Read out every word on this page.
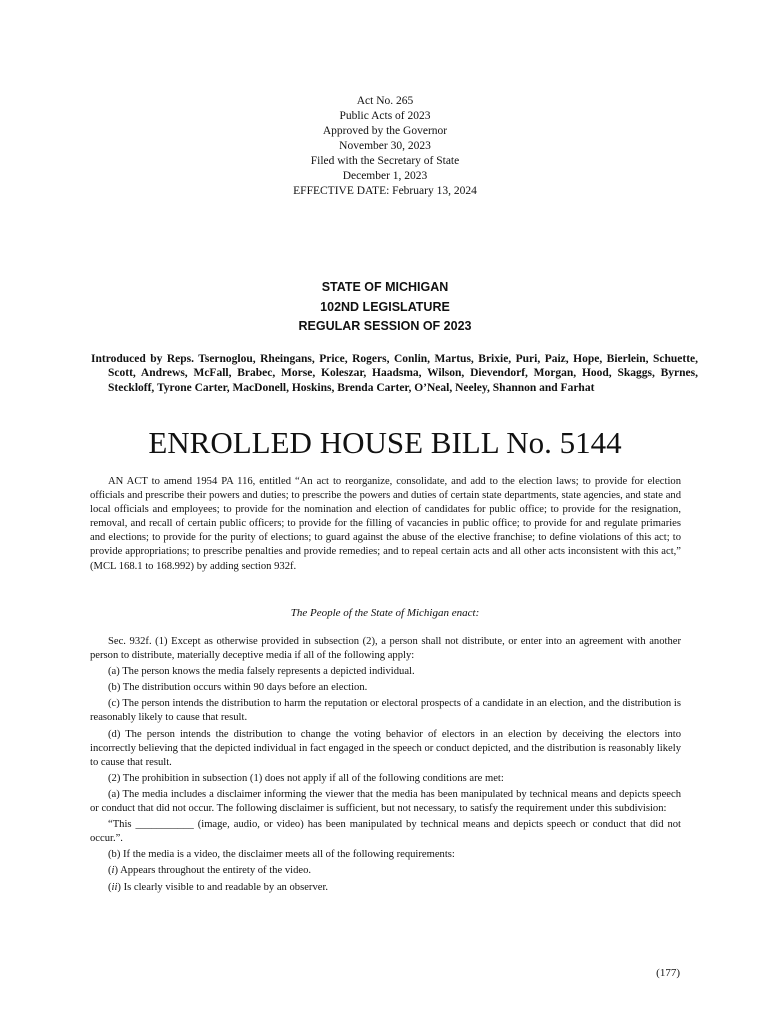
Act No. 265
Public Acts of 2023
Approved by the Governor
November 30, 2023
Filed with the Secretary of State
December 1, 2023
EFFECTIVE DATE: February 13, 2024
STATE OF MICHIGAN
102ND LEGISLATURE
REGULAR SESSION OF 2023
Introduced by Reps. Tsernoglou, Rheingans, Price, Rogers, Conlin, Martus, Brixie, Puri, Paiz, Hope, Bierlein, Schuette, Scott, Andrews, McFall, Brabec, Morse, Koleszar, Haadsma, Wilson, Dievendorf, Morgan, Hood, Skaggs, Byrnes, Steckloff, Tyrone Carter, MacDonell, Hoskins, Brenda Carter, O’Neal, Neeley, Shannon and Farhat
ENROLLED HOUSE BILL No. 5144
AN ACT to amend 1954 PA 116, entitled “An act to reorganize, consolidate, and add to the election laws; to provide for election officials and prescribe their powers and duties; to prescribe the powers and duties of certain state departments, state agencies, and state and local officials and employees; to provide for the nomination and election of candidates for public office; to provide for the resignation, removal, and recall of certain public officers; to provide for the filling of vacancies in public office; to provide for and regulate primaries and elections; to provide for the purity of elections; to guard against the abuse of the elective franchise; to define violations of this act; to provide appropriations; to prescribe penalties and provide remedies; and to repeal certain acts and all other acts inconsistent with this act,” (MCL 168.1 to 168.992) by adding section 932f.
The People of the State of Michigan enact:

Sec. 932f. (1) Except as otherwise provided in subsection (2), a person shall not distribute, or enter into an agreement with another person to distribute, materially deceptive media if all of the following apply:

(a) The person knows the media falsely represents a depicted individual.

(b) The distribution occurs within 90 days before an election.

(c) The person intends the distribution to harm the reputation or electoral prospects of a candidate in an election, and the distribution is reasonably likely to cause that result.

(d) The person intends the distribution to change the voting behavior of electors in an election by deceiving the electors into incorrectly believing that the depicted individual in fact engaged in the speech or conduct depicted, and the distribution is reasonably likely to cause that result.

(2) The prohibition in subsection (1) does not apply if all of the following conditions are met:

(a) The media includes a disclaimer informing the viewer that the media has been manipulated by technical means and depicts speech or conduct that did not occur. The following disclaimer is sufficient, but not necessary, to satisfy the requirement under this subdivision:

“This ___________ (image, audio, or video) has been manipulated by technical means and depicts speech or conduct that did not occur.”.

(b) If the media is a video, the disclaimer meets all of the following requirements:

(i) Appears throughout the entirety of the video.

(ii) Is clearly visible to and readable by an observer.

(177)
